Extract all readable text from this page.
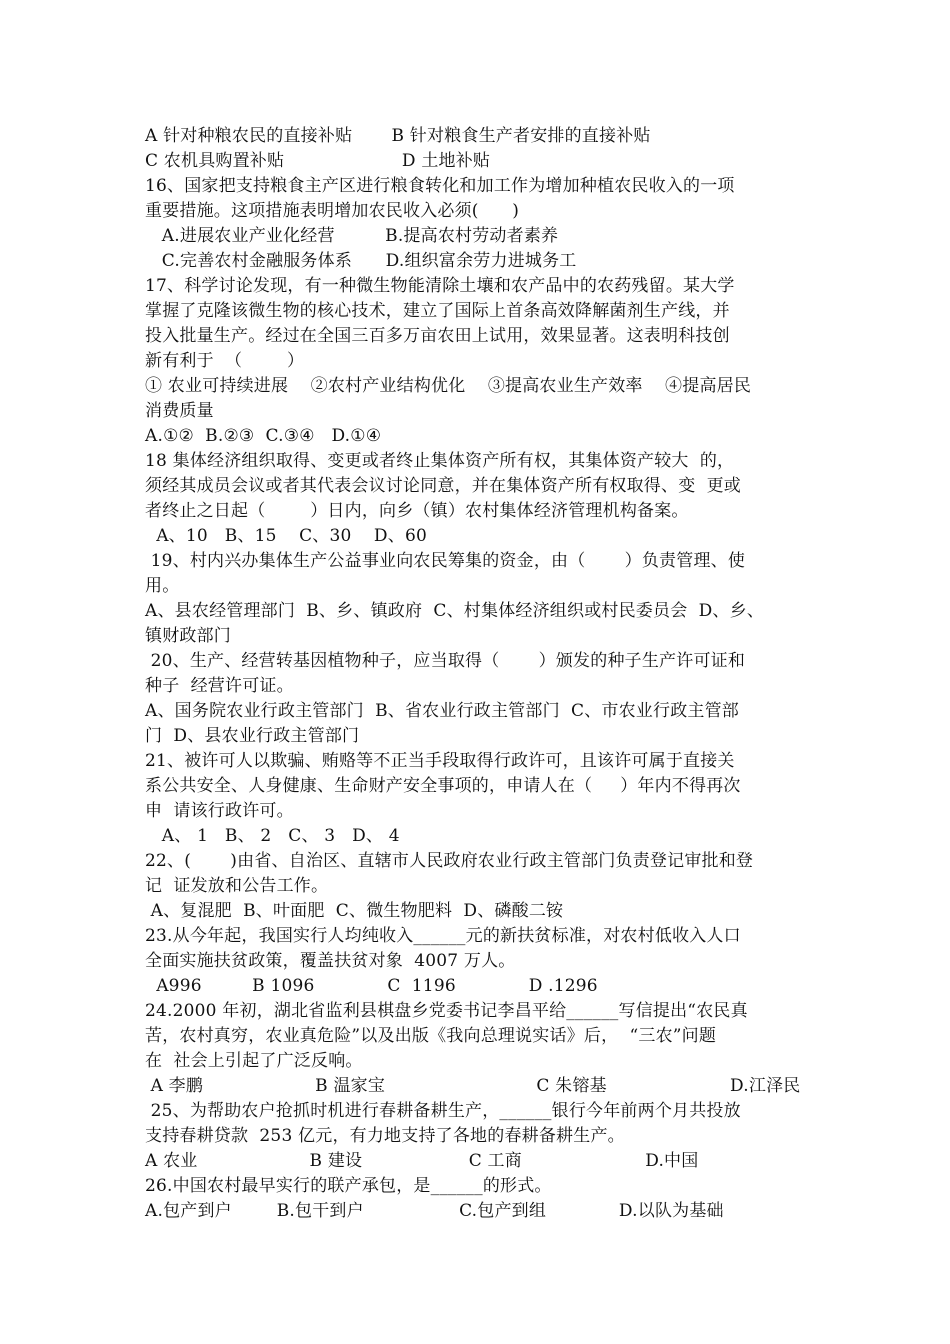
A 针对种粮农民的直接补贴       B 针对粮食生产者安排的直接补贴
C 农机具购置补贴                     D 土地补贴
16、国家把支持粮食主产区进行粮食转化和加工作为增加种植农民收入的一项
重要措施。这项措施表明增加农民收入必须(      )
A.进展农业产业化经营         B.提高农村劳动者素养
C.完善农村金融服务体系      D.组织富余劳力进城务工
17、科学讨论发现，有一种微生物能清除土壤和农产品中的农药残留。某大学
掌握了克隆该微生物的核心技术，建立了国际上首条高效降解菌剂生产线，并
投入批量生产。经过在全国三百多万亩农田上试用，效果显著。这表明科技创
新有利于  （        ）
① 农业可持续进展    ②农村产业结构优化    ③提高农业生产效率    ④提高居民
消费质量
A.①②  B.②③  C.③④   D.①④
18 集体经济组织取得、变更或者终止集体资产所有权，其集体资产较大  的，
须经其成员会议或者其代表会议讨论同意，并在集体资产所有权取得、变  更或
者终止之日起（        ）日内，向乡（镇）农村集体经济管理机构备案。
A、10   B、15    C、30    D、60
19、村内兴办集体生产公益事业向农民筹集的资金，由（       ）负责管理、使
用。
A、县农经管理部门  B、乡、镇政府  C、村集体经济组织或村民委员会  D、乡、
镇财政部门
20、生产、经营转基因植物种子，应当取得（       ）颁发的种子生产许可证和
种子  经营许可证。
A、国务院农业行政主管部门  B、省农业行政主管部门  C、市农业行政主管部
门  D、县农业行政主管部门
21、被许可人以欺骗、贿赂等不正当手段取得行政许可，且该许可属于直接关
系公共安全、人身健康、生命财产安全事项的，申请人在（     ）年内不得再次
申  请该行政许可。
A、 1   B、 2   C、 3   D、 4
22、(       )由省、自治区、直辖市人民政府农业行政主管部门负责登记审批和登
记  证发放和公告工作。
A、复混肥  B、叶面肥  C、微生物肥料  D、磷酸二铵
23.从今年起，我国实行人均纯收入______元的新扶贫标准，对农村低收入人口
全面实施扶贫政策，覆盖扶贫对象  4007 万人。
A996         B 1096             C  1196             D .1296
24.2000 年初，湖北省监利县棋盘乡党委书记李昌平给______写信提出“农民真
苦，农村真穷，农业真危险”以及出版《我向总理说实话》后，  “三农”问题
在  社会上引起了广泛反响。
A 李鹏                    B 温家宝                           C 朱镕基                      D.江泽民
25、为帮助农户抢抓时机进行春耕备耕生产，______银行今年前两个月共投放
支持春耕贷款  253 亿元，有力地支持了各地的春耕备耕生产。
A 农业                    B 建设                   C 工商                      D.中国
26.中国农村最早实行的联产承包，是______的形式。
A.包产到户        B.包干到户                 C.包产到组             D.以队为基础
